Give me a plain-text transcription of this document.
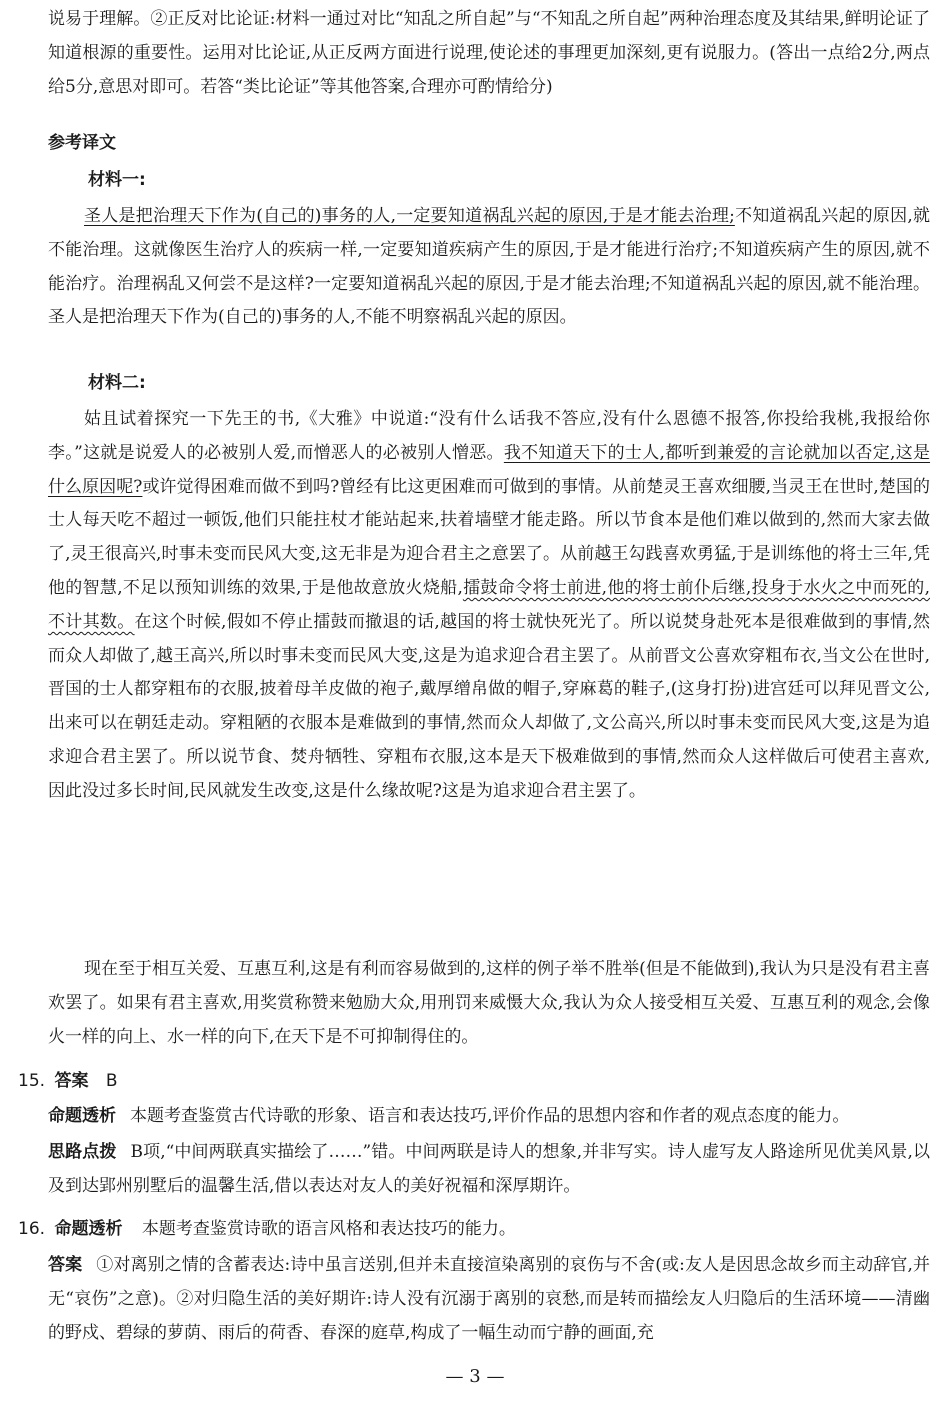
说易于理解。②正反对比论证:材料一通过对比“知乱之所自起”与“不知乱之所自起”两种治理态度及其结果,鲜明论证了知道根源的重要性。运用对比论证,从正反两方面进行说理,使论述的事理更加深刻,更有说服力。(答出一点给2分,两点给5分,意思对即可。若答“类比论证”等其他答案,合理亦可酌情给分)

参考译文

材料一:

圣人是把治理天下作为(自己的)事务的人,一定要知道祸乱兴起的原因,于是才能去治理;不知道祸乱兴起的原因,就不能治理。这就像医生治疗人的疾病一样,一定要知道疾病产生的原因,于是才能进行治疗;不知道疾病产生的原因,就不能治疗。治理祸乱又何尝不是这样?一定要知道祸乱兴起的原因,于是才能去治理;不知道祸乱兴起的原因,就不能治理。圣人是把治理天下作为(自己的)事务的人,不能不明察祸乱兴起的原因。

材料二:

姑且试着探究一下先王的书,《大雅》中说道:“没有什么话我不答应,没有什么恩德不报答,你投给我桃,我报给你李。”这就是说爱人的必被别人爱,而憎恶人的必被别人憎恶。我不知道天下的士人,都听到兼爱的言论就加以否定,这是什么原因呢?或许觉得困难而做不到吗?曾经有比这更困难而可做到的事情。从前楚灵王喜欢细腰,当灵王在世时,楚国的士人每天吃不超过一顿饭,他们只能拄杖才能站起来,扶着墙壁才能走路。所以节食本是他们难以做到的,然而大家去做了,灵王很高兴,时事未变而民风大变,这无非是为迎合君主之意罢了。从前越王勾践喜欢勇猛,于是训练他的将士三年,凭他的智慧,不足以预知训练的效果,于是他故意放火烧船,擂鼓命令将士前进,他的将士前仆后继,投身于水火之中而死的,不计其数。在这个时候,假如不停止擂鼓而撤退的话,越国的将士就快死光了。所以说焚身赴死本是很难做到的事情,然而众人却做了,越王高兴,所以时事未变而民风大变,这是为追求迎合君主罢了。从前晋文公喜欢穿粗布衣,当文公在世时,晋国的士人都穿粗布的衣服,披着母羊皮做的袍子,戴厚缯帛做的帽子,穿麻葛的鞋子,(这身打扮)进宫廷可以拜见晋文公,出来可以在朝廷走动。穿粗陋的衣服本是难做到的事情,然而众人却做了,文公高兴,所以时事未变而民风大变,这是为追求迎合君主罢了。所以说节食、焚舟牺牲、穿粗布衣服,这本是天下极难做到的事情,然而众人这样做后可使君主喜欢,因此没过多长时间,民风就发生改变,这是什么缘故呢?这是为追求迎合君主罢了。

现在至于相互关爱、互惠互利,这是有利而容易做到的,这样的例子举不胜举(但是不能做到),我认为只是没有君主喜欢罢了。如果有君主喜欢,用奖赏称赞来勉励大众,用刑罚来威慑大众,我认为众人接受相互关爱、互惠互利的观念,会像火一样的向上、水一样的向下,在天下是不可抑制得住的。

15. 答案 B

命题透析 本题考查鉴赏古代诗歌的形象、语言和表达技巧,评价作品的思想内容和作者的观点态度的能力。

思路点拨 B项,“中间两联真实描绘了……”错。中间两联是诗人的想象,并非写实。诗人虚写友人路途所见优美风景,以及到达郢州别墅后的温馨生活,借以表达对友人的美好祝福和深厚期许。

16. 命题透析 本题考查鉴赏诗歌的语言风格和表达技巧的能力。

答案 ①对离别之情的含蓄表达:诗中虽言送别,但并未直接渲染离别的哀伤与不舍(或:友人是因思念故乡而主动辞官,并无“哀伤”之意)。②对归隐生活的美好期许:诗人没有沉溺于离别的哀愁,而是转而描绘友人归隐后的生活环境——清幽的野戍、碧绿的萝荫、雨后的荷香、春深的庭草,构成了一幅生动而宁静的画面,充

— 3 —
